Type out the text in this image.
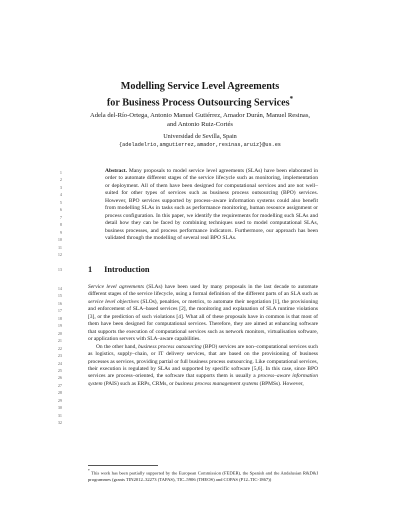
Modelling Service Level Agreements
for Business Process Outsourcing Services*
Adela del-Río-Ortega, Antonio Manuel Gutiérrez, Amador Durán, Manuel Resinas,
and Antonio Ruiz-Cortés
Universidad de Sevilla, Spain
{adeladelrio,amgutierrez,amador,resinas,aruiz}@us.es
1
2
3
4
5
6
7
8
9
10
11
12
13
14
15
16
17
18
19
20
21
22
23
24
25
26
27
28
29
30
31
32
Abstract. Many proposals to model service level agreements (SLAs) have been elaborated in order to automate different stages of the service lifecycle such as monitoring, implementation or deployment. All of them have been designed for computational services and are not well–suited for other types of services such as business process outsourcing (BPO) services. However, BPO services supported by process–aware information systems could also benefit from modelling SLAs in tasks such as performance monitoring, human resource assignment or process configuration. In this paper, we identify the requirements for modelling such SLAs and detail how they can be faced by combining techniques used to model computational SLAs, business processes, and process performance indicators. Furthermore, our approach has been validated through the modelling of several real BPO SLAs.
1 Introduction

Service level agreements (SLAs) have been used by many proposals in the last decade to automate different stages of the service lifecycle, using a formal definition of the different parts of an SLA such as service level objectives (SLOs), penalties, or metrics, to automate their negotiation [1], the provisioning and enforcement of SLA–based services [2], the monitoring and explanation of SLA runtime violations [3], or the prediction of such violations [4]. What all of these proposals have in common is that most of them have been designed for computational services. Therefore, they are aimed at enhancing software that supports the execution of computational services such as network monitors, virtualisation software, or application servers with SLA–aware capabilities.

On the other hand, business process outsourcing (BPO) services are non–computational services such as logistics, supply–chain, or IT delivery services, that are based on the provisioning of business processes as services, providing partial or full business process outsourcing. Like computational services, their execution is regulated by SLAs and supported by specific software [5,6]. In this case, since BPO services are process–oriented, the software that supports them is usually a process–aware information system (PAIS) such as ERPs, CRMs, or business process management systems (BPMSs). However,

* This work has been partially supported by the European Commission (FEDER), the Spanish and the Andalusian R&D&I programmes (grants TIN2012–32273 (TAPAS), TIC–5906 (THEOS) and COPAS (P12–TIC-1867))
